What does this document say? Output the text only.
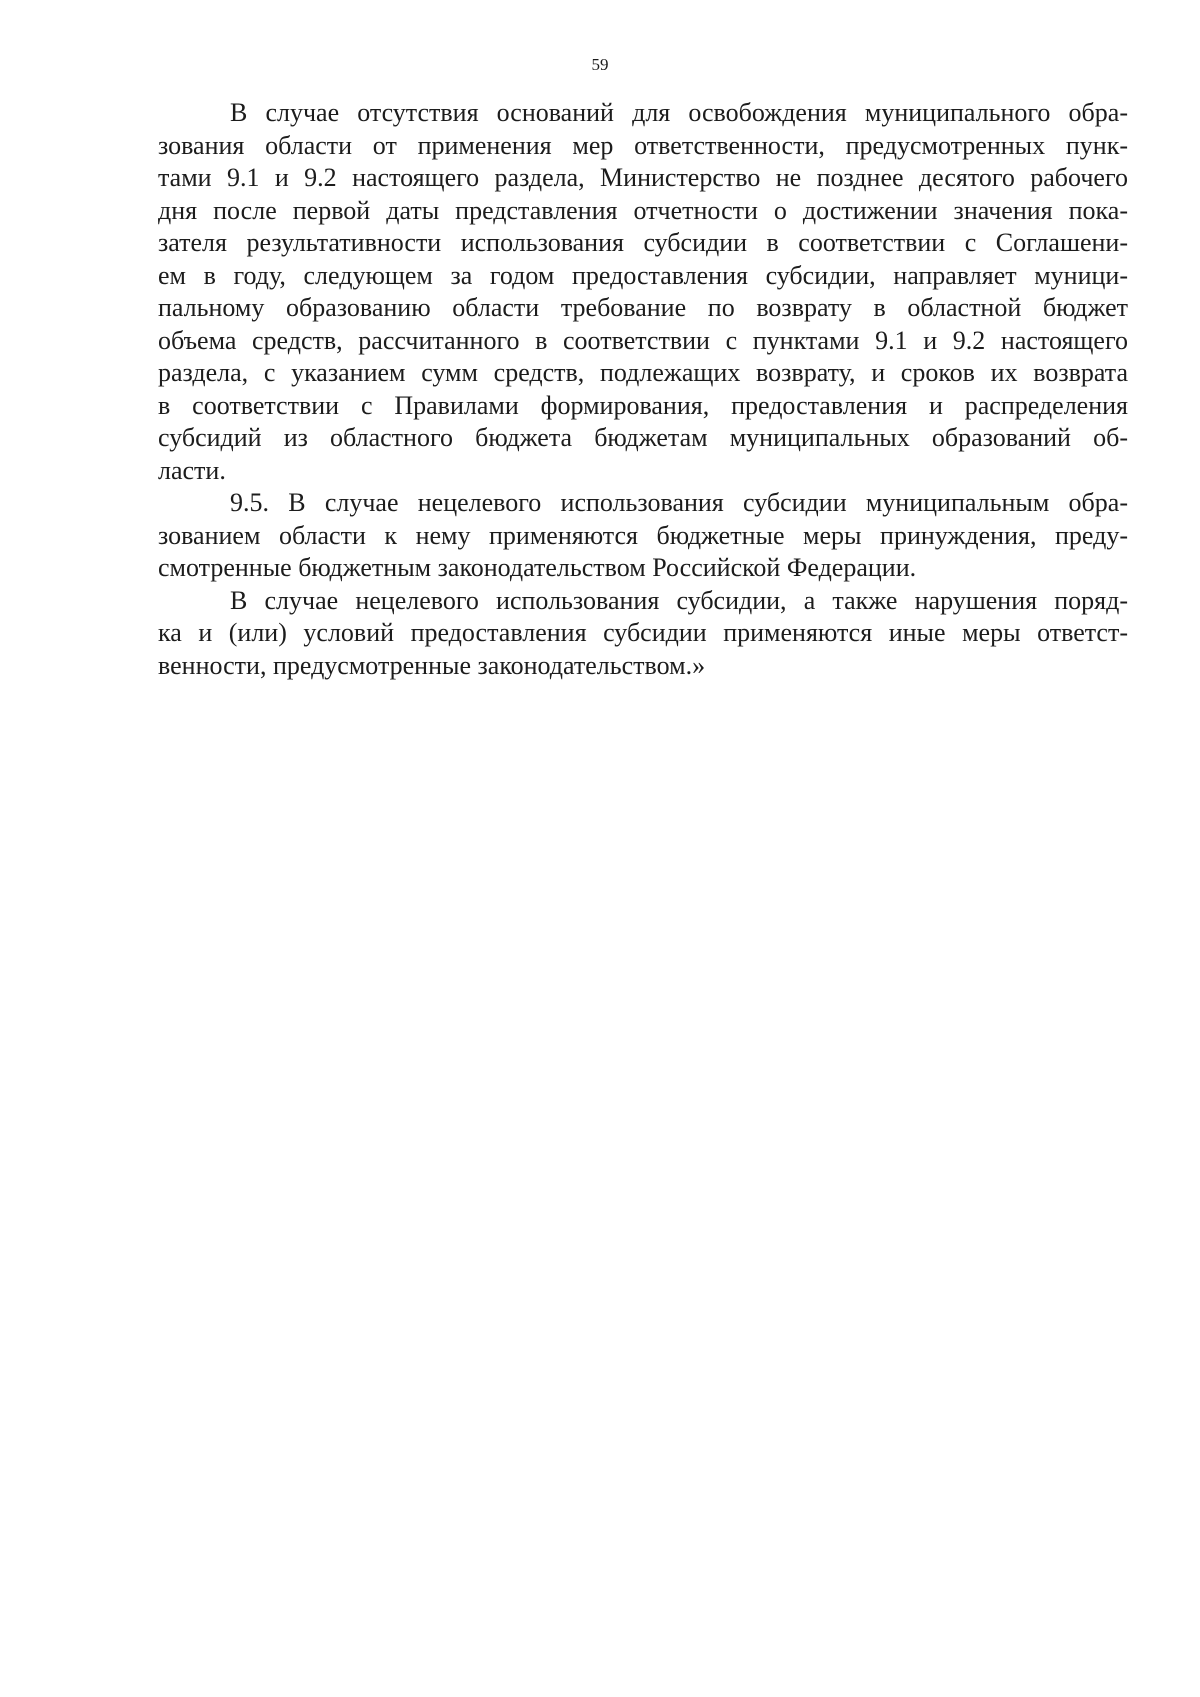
59

В случае отсутствия оснований для освобождения муниципального обра-
зования области от применения мер ответственности, предусмотренных пунк-
тами 9.1 и 9.2 настоящего раздела, Министерство не позднее десятого рабочего
дня после первой даты представления отчетности о достижении значения пока-
зателя результативности использования субсидии в соответствии с Соглашени-
ем в году, следующем за годом предоставления субсидии, направляет муници-
пальному образованию области требование по возврату в областной бюджет
объема средств, рассчитанного в соответствии с пунктами 9.1 и 9.2 настоящего
раздела, с указанием сумм средств, подлежащих возврату, и сроков их возврата
в соответствии с Правилами формирования, предоставления и распределения
субсидий из областного бюджета бюджетам муниципальных образований об-
ласти.

9.5. В случае нецелевого использования субсидии муниципальным обра-
зованием области к нему применяются бюджетные меры принуждения, преду-
смотренные бюджетным законодательством Российской Федерации.

В случае нецелевого использования субсидии, а также нарушения поряд-
ка и (или) условий предоставления субсидии применяются иные меры ответст-
венности, предусмотренные законодательством.»
